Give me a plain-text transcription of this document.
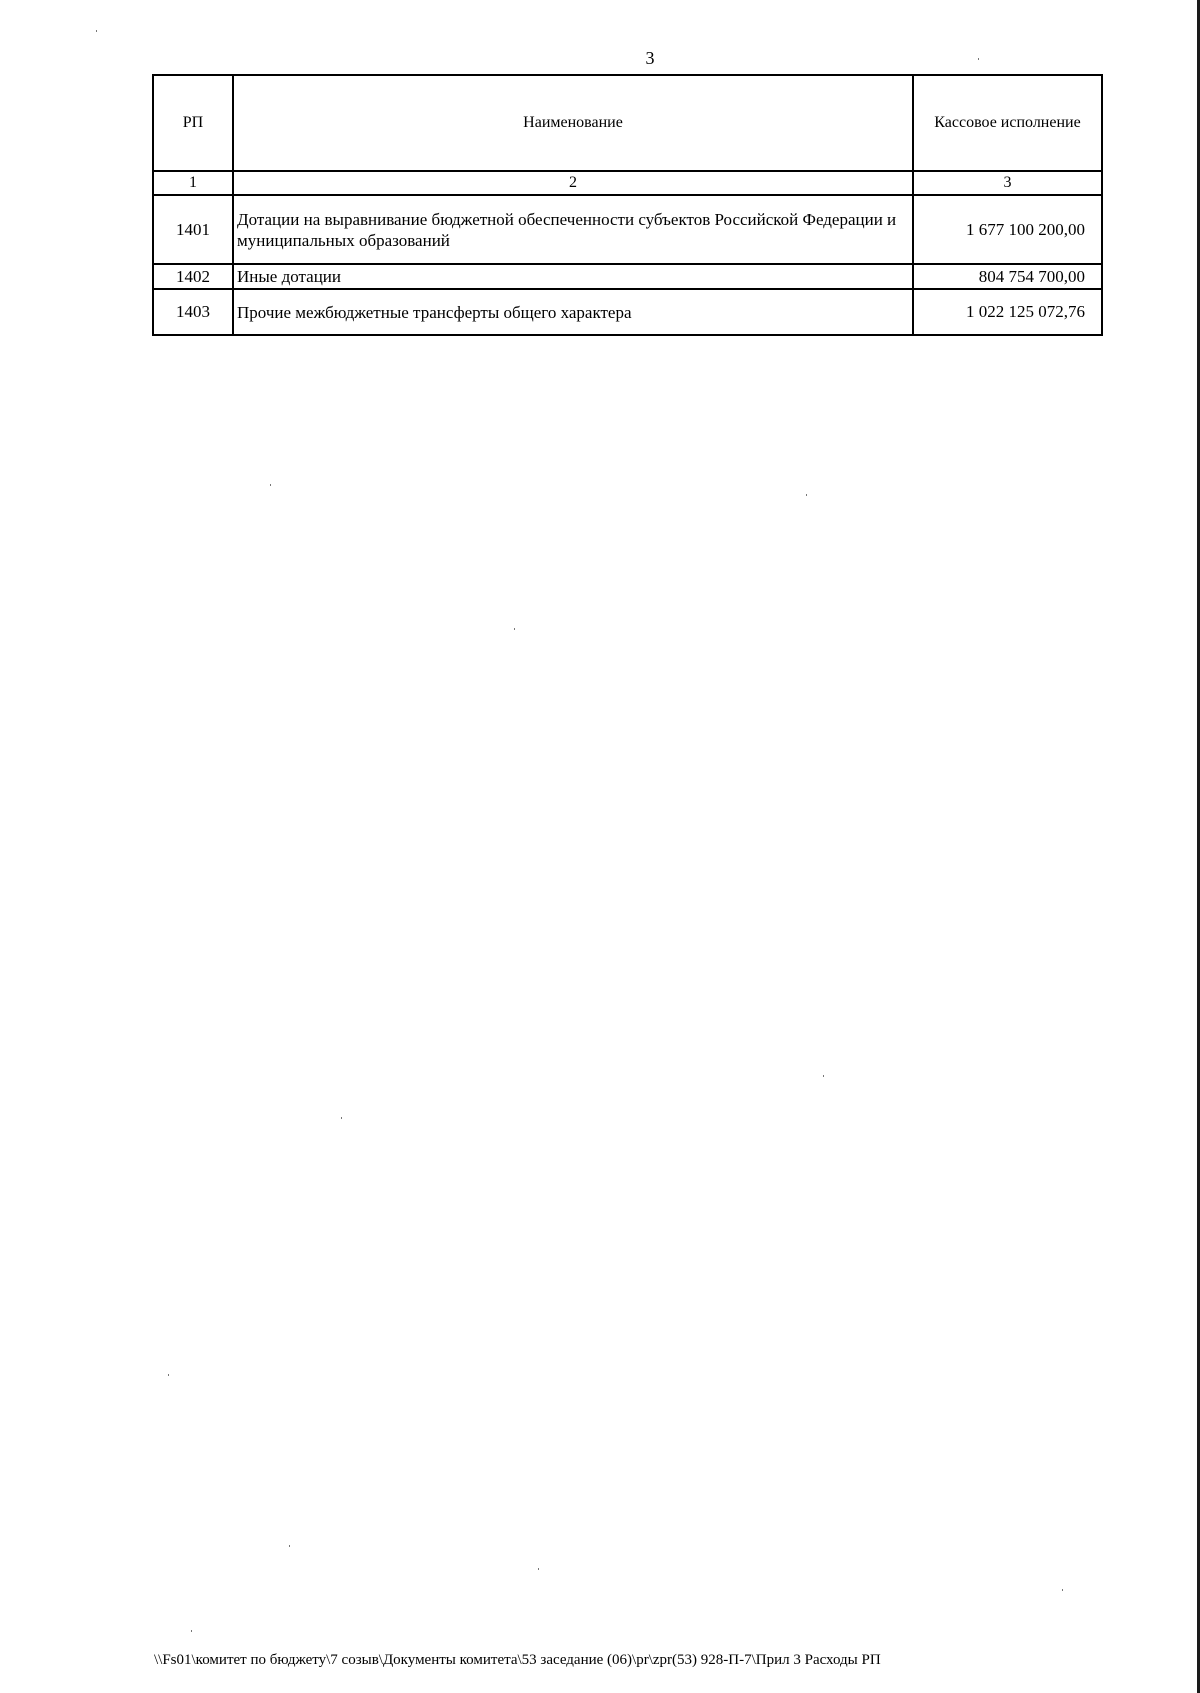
3
РП	Наименование	Кассовое исполнение
1	2	3
1401	Дотации на выравнивание бюджетной обеспеченности субъектов Российской Федерации и муниципальных образований	1 677 100 200,00
1402	Иные дотации	804 754 700,00
1403	Прочие межбюджетные трансферты общего характера	1 022 125 072,76
\\Fs01\комитет по бюджету\7 созыв\Документы комитета\53 заседание (06)\pr\zpr(53) 928-П-7\Прил 3 Расходы РП
